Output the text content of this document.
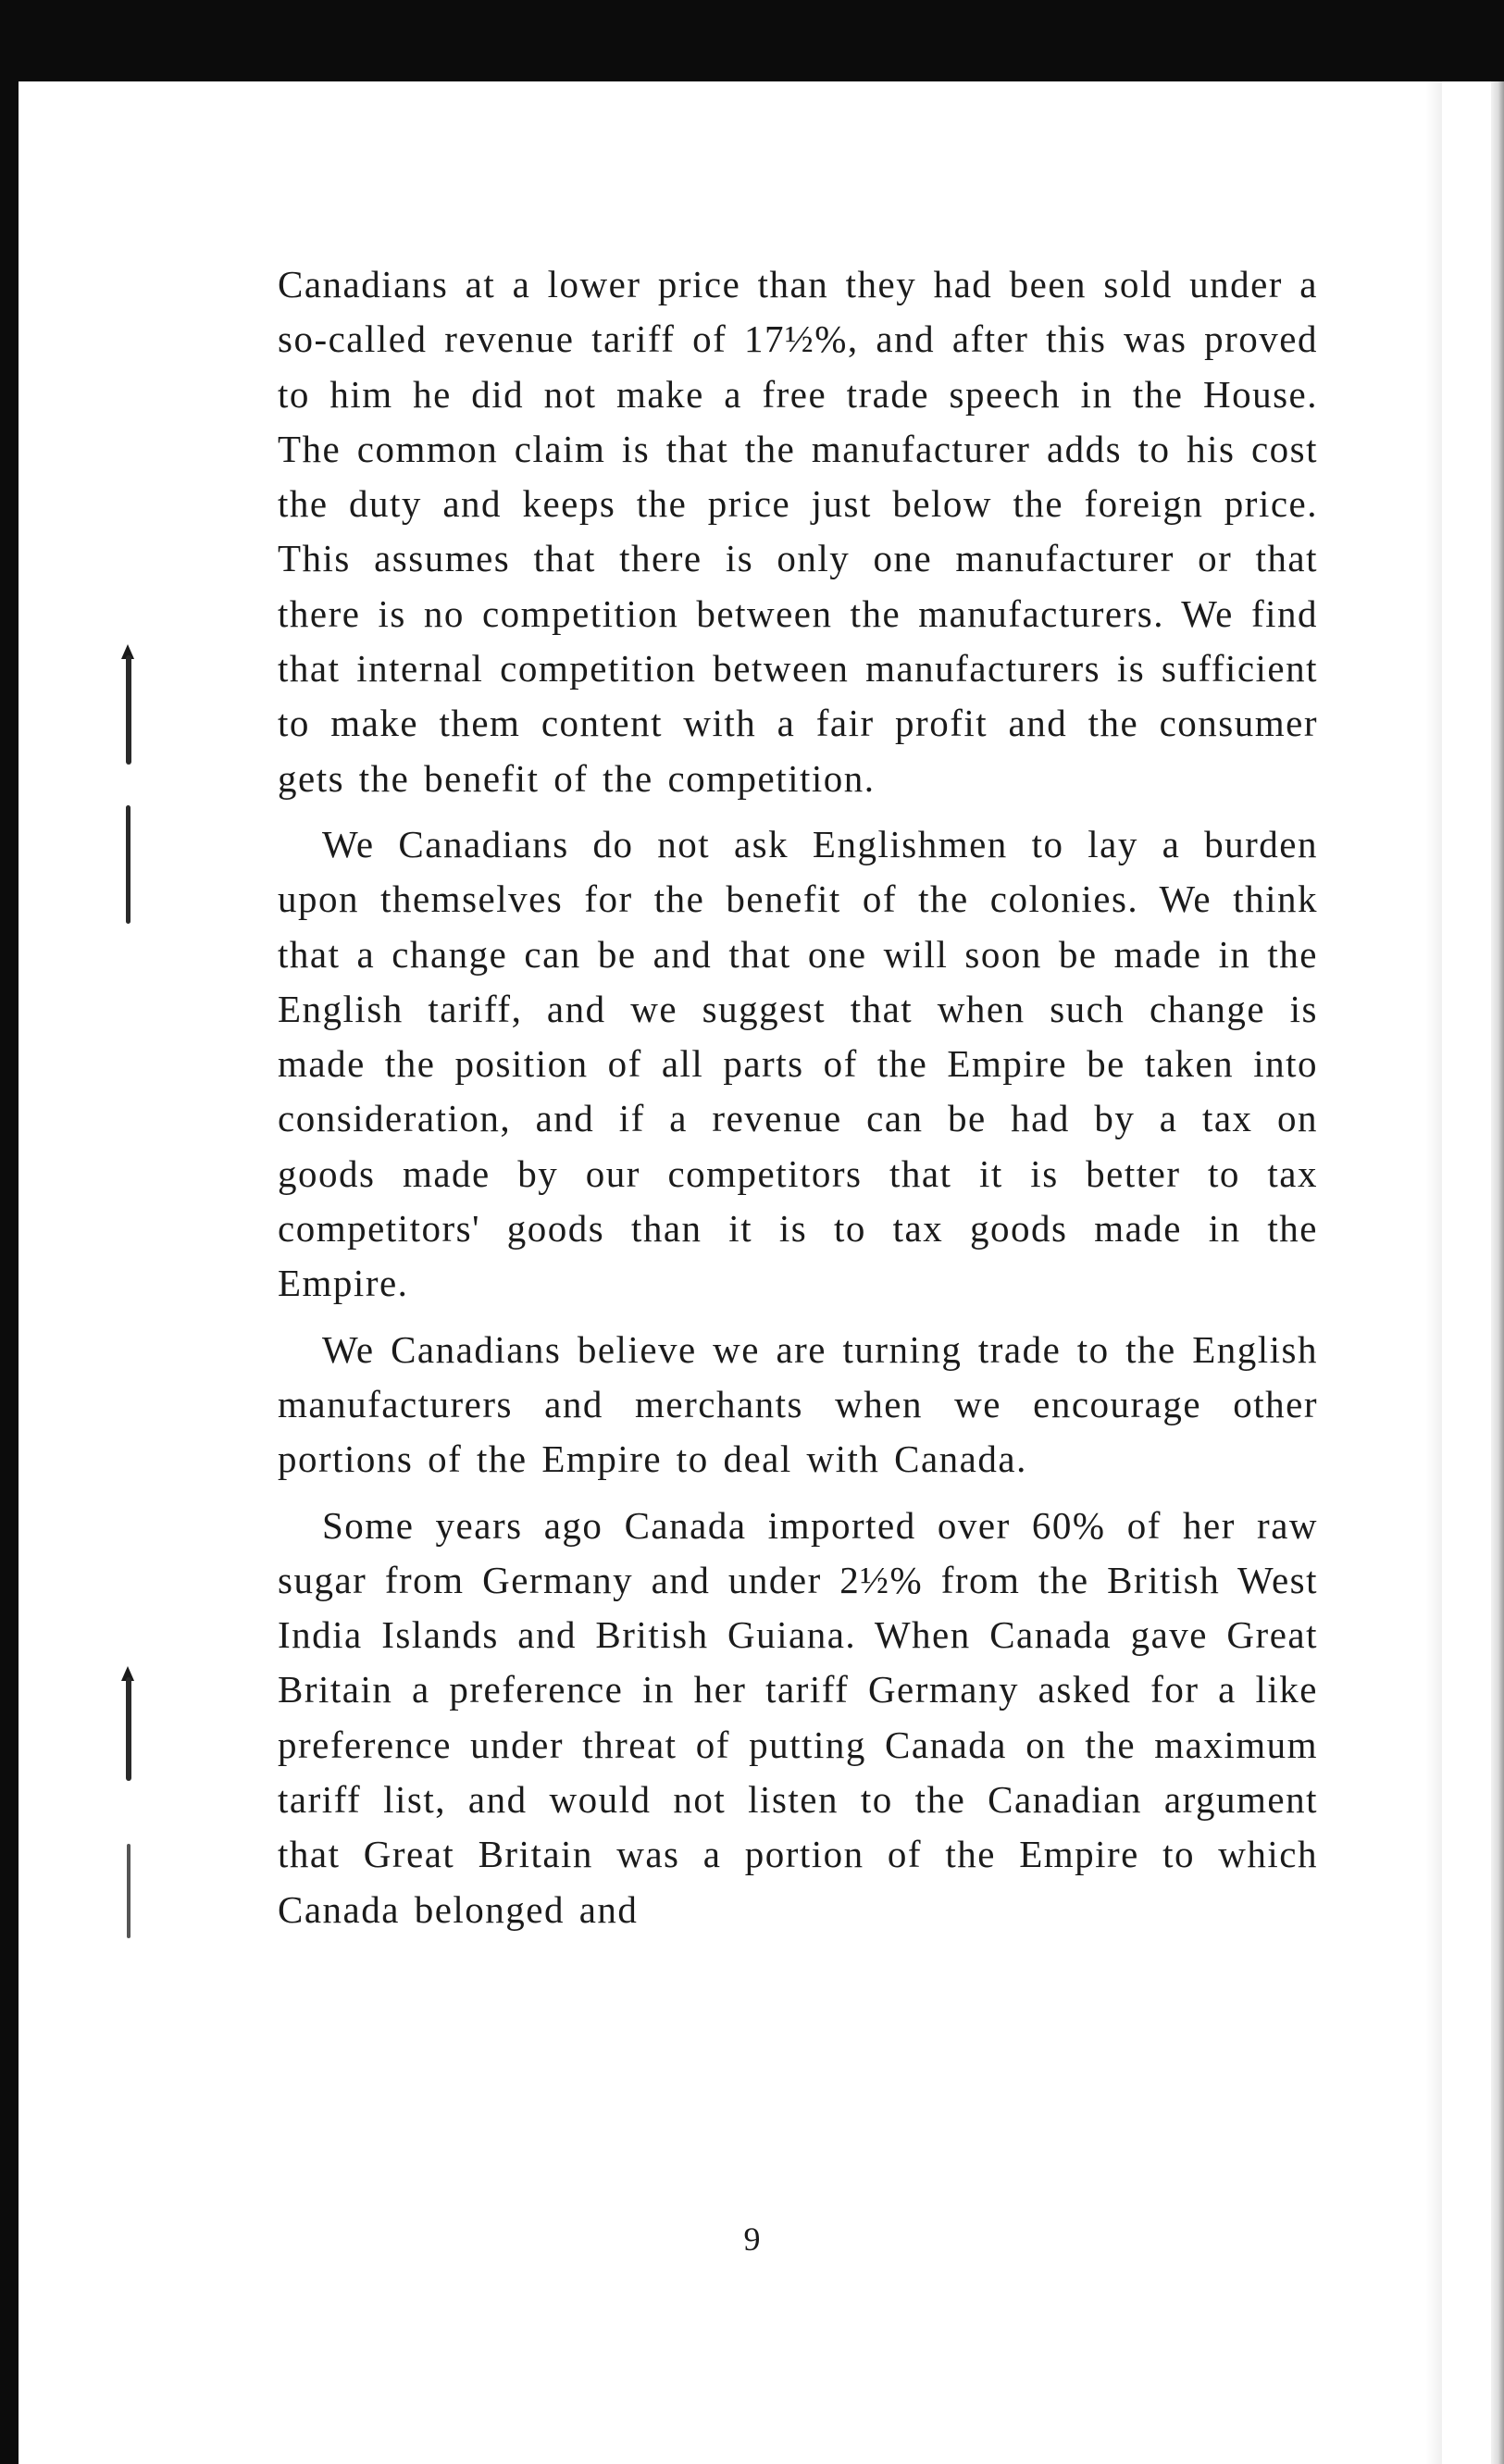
Canadians at a lower price than they had been sold under a so-called revenue tariff of 17½%, and after this was proved to him he did not make a free trade speech in the House. The common claim is that the manufacturer adds to his cost the duty and keeps the price just below the foreign price. This assumes that there is only one manufacturer or that there is no competition between the manufacturers. We find that internal competition between manufacturers is sufficient to make them content with a fair profit and the consumer gets the benefit of the competition.

We Canadians do not ask Englishmen to lay a burden upon themselves for the benefit of the colonies. We think that a change can be and that one will soon be made in the English tariff, and we suggest that when such change is made the position of all parts of the Empire be taken into consideration, and if a revenue can be had by a tax on goods made by our competitors that it is better to tax competitors' goods than it is to tax goods made in the Empire.

We Canadians believe we are turning trade to the English manufacturers and merchants when we encourage other portions of the Empire to deal with Canada.

Some years ago Canada imported over 60% of her raw sugar from Germany and under 2½% from the British West India Islands and British Guiana. When Canada gave Great Britain a preference in her tariff Germany asked for a like preference under threat of putting Canada on the maximum tariff list, and would not listen to the Canadian argument that Great Britain was a portion of the Empire to which Canada belonged and

9
